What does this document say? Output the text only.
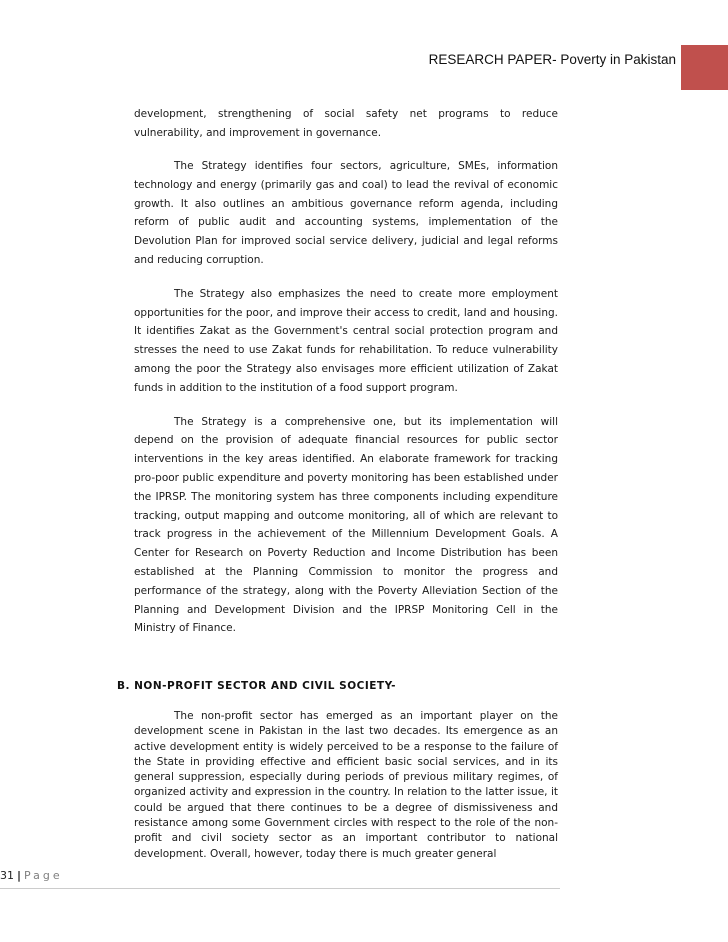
RESEARCH PAPER- Poverty in Pakistan

development, strengthening of social safety net programs to reduce vulnerability, and improvement in governance.

The Strategy identifies four sectors, agriculture, SMEs, information technology and energy (primarily gas and coal) to lead the revival of economic growth. It also outlines an ambitious governance reform agenda, including reform of public audit and accounting systems, implementation of the Devolution Plan for improved social service delivery, judicial and legal reforms and reducing corruption.

The Strategy also emphasizes the need to create more employment opportunities for the poor, and improve their access to credit, land and housing. It identifies Zakat as the Government's central social protection program and stresses the need to use Zakat funds for rehabilitation. To reduce vulnerability among the poor the Strategy also envisages more efficient utilization of Zakat funds in addition to the institution of a food support program.

The Strategy is a comprehensive one, but its implementation will depend on the provision of adequate financial resources for public sector interventions in the key areas identified. An elaborate framework for tracking pro-poor public expenditure and poverty monitoring has been established under the IPRSP. The monitoring system has three components including expenditure tracking, output mapping and outcome monitoring, all of which are relevant to track progress in the achievement of the Millennium Development Goals. A Center for Research on Poverty Reduction and Income Distribution has been established at the Planning Commission to monitor the progress and performance of the strategy, along with the Poverty Alleviation Section of the Planning and Development Division and the IPRSP Monitoring Cell in the Ministry of Finance.

B. NON-PROFIT SECTOR AND CIVIL SOCIETY-

The non-profit sector has emerged as an important player on the development scene in Pakistan in the last two decades. Its emergence as an active development entity is widely perceived to be a response to the failure of the State in providing effective and efficient basic social services, and in its general suppression, especially during periods of previous military regimes, of organized activity and expression in the country. In relation to the latter issue, it could be argued that there continues to be a degree of dismissiveness and resistance among some Government circles with respect to the role of the non-profit and civil society sector as an important contributor to national development. Overall, however, today there is much greater general

31 | Page
